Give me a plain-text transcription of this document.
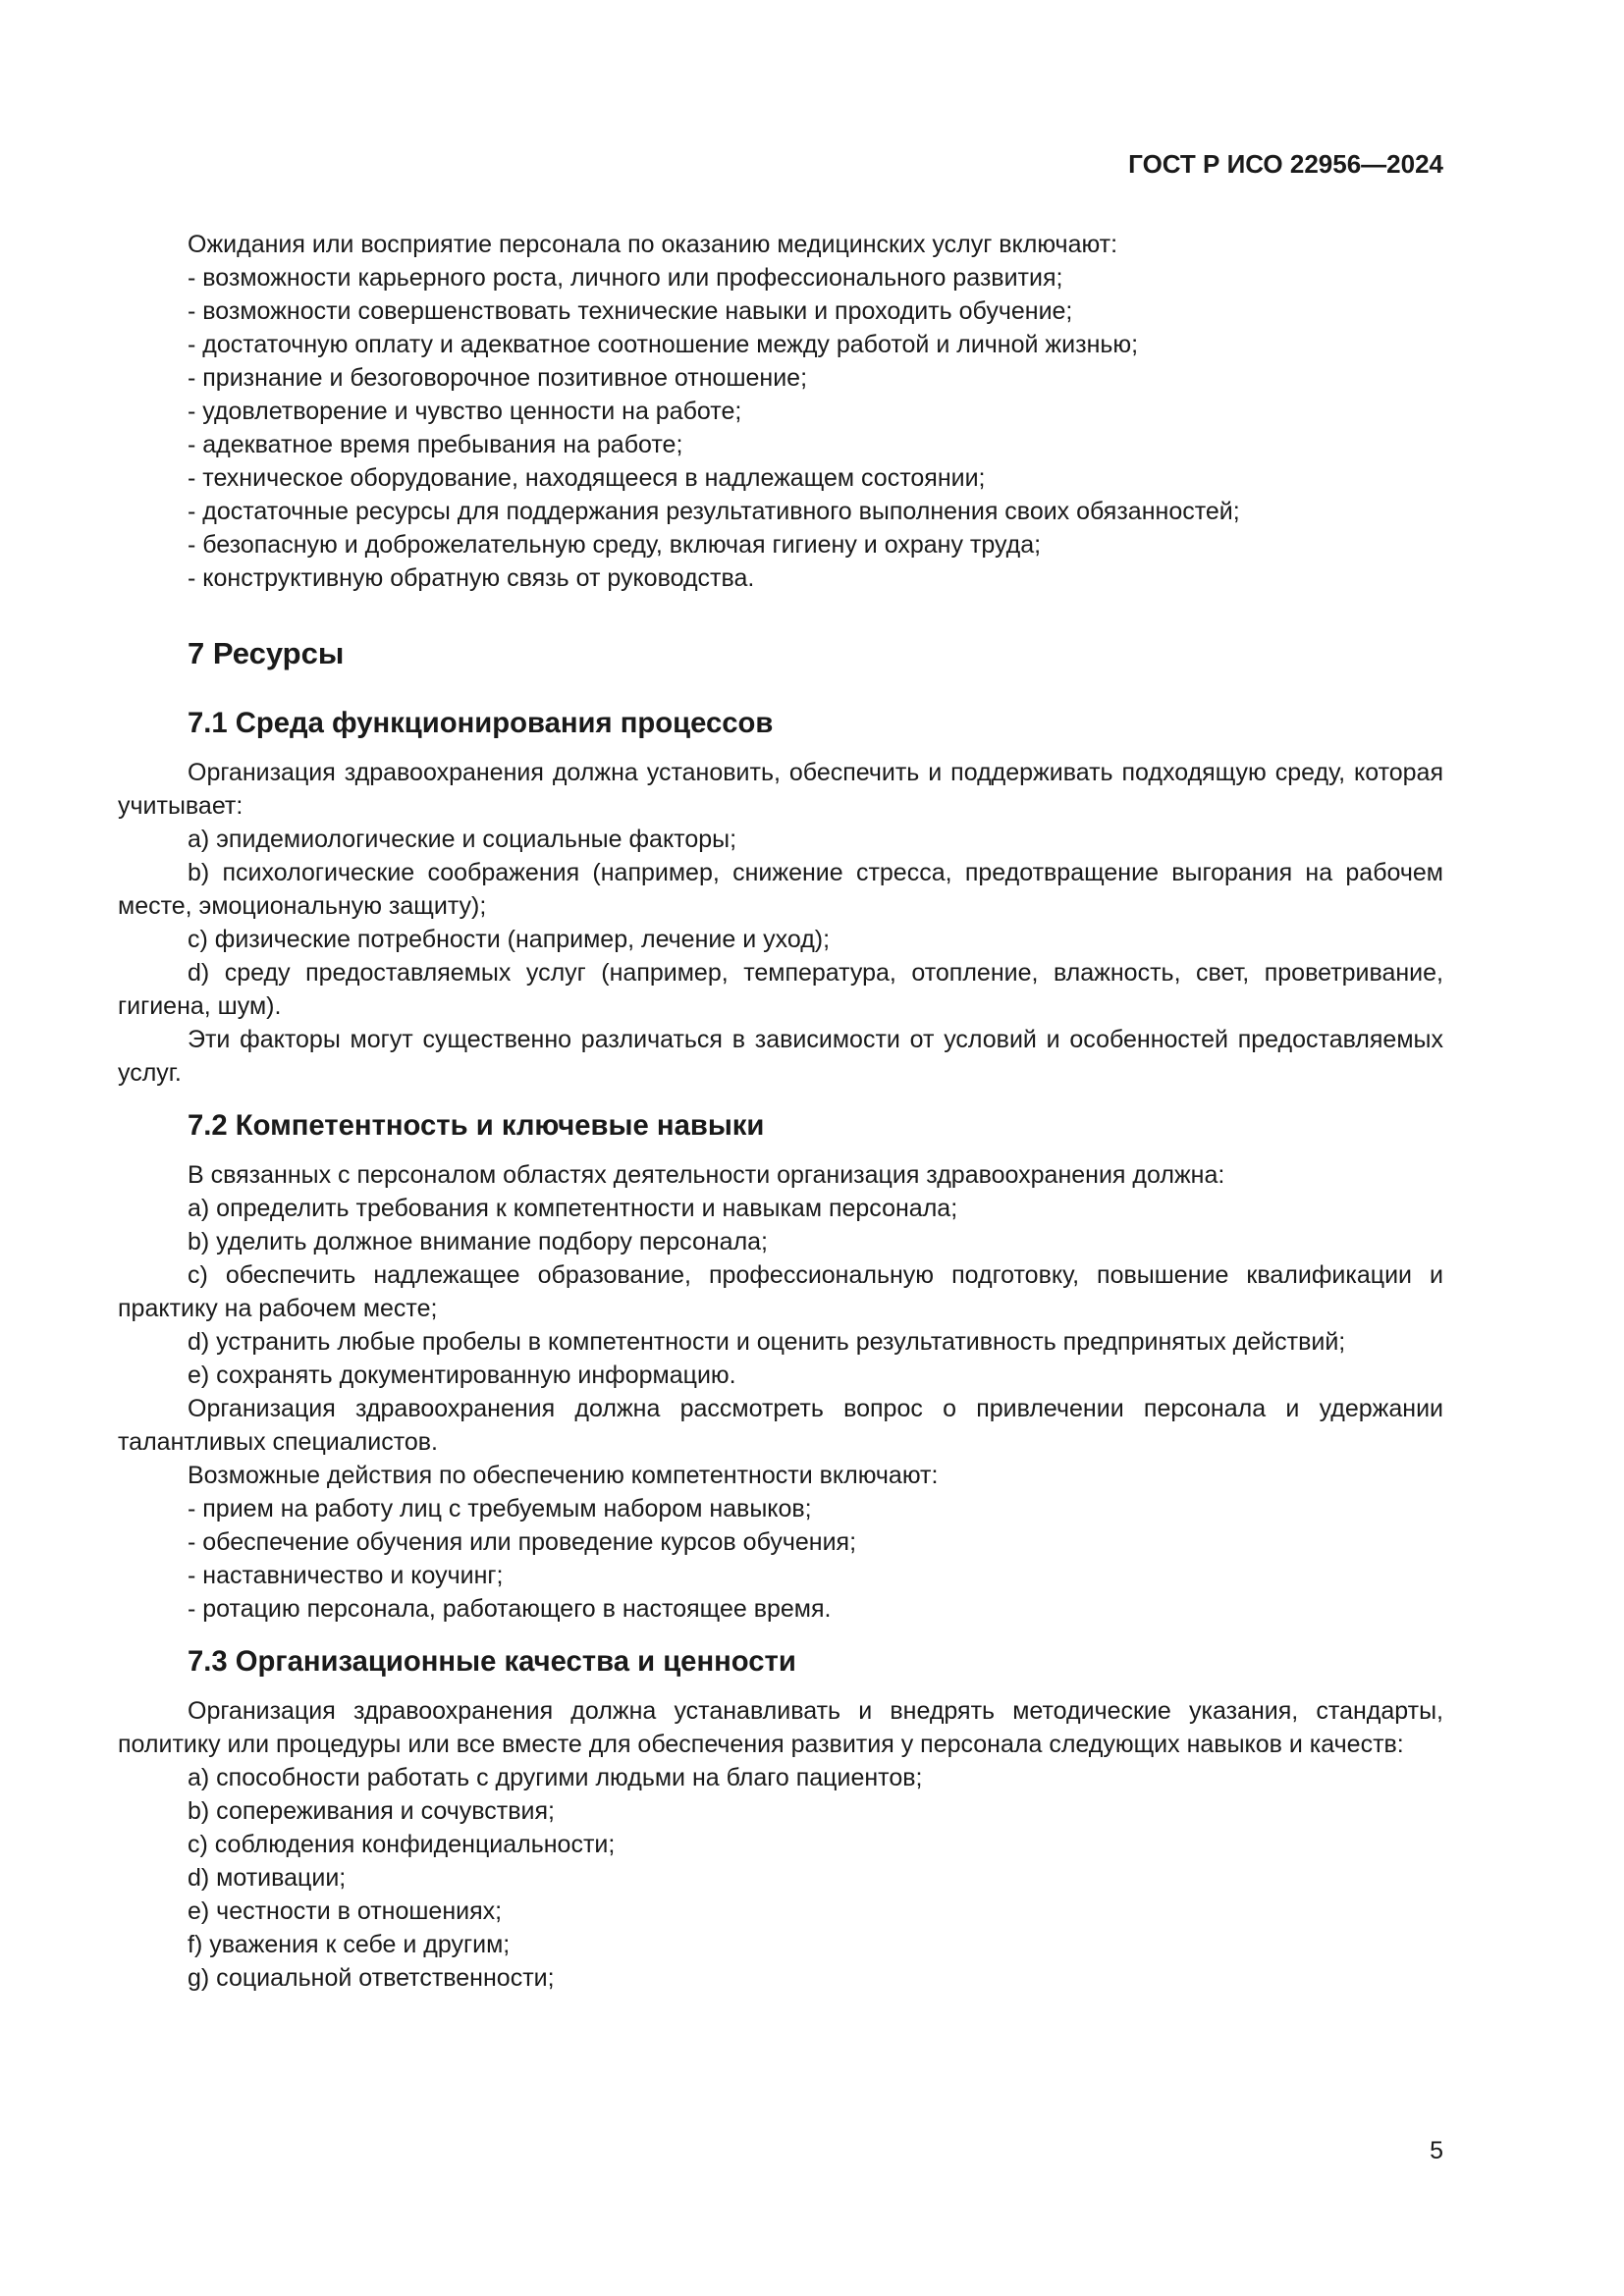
ГОСТ Р ИСО 22956—2024

Ожидания или восприятие персонала по оказанию медицинских услуг включают:

- возможности карьерного роста, личного или профессионального развития;

- возможности совершенствовать технические навыки и проходить обучение;

- достаточную оплату и адекватное соотношение между работой и личной жизнью;

- признание и безоговорочное позитивное отношение;

- удовлетворение и чувство ценности на работе;

- адекватное время пребывания на работе;

- техническое оборудование, находящееся в надлежащем состоянии;

- достаточные ресурсы для поддержания результативного выполнения своих обязанностей;

- безопасную и доброжелательную среду, включая гигиену и охрану труда;

- конструктивную обратную связь от руководства.

7 Ресурсы
7.1 Среда функционирования процессов

Организация здравоохранения должна установить, обеспечить и поддерживать подходящую среду, которая учитывает:

a) эпидемиологические и социальные факторы;

b) психологические соображения (например, снижение стресса, предотвращение выгорания на рабочем месте, эмоциональную защиту);

c) физические потребности (например, лечение и уход);

d) среду предоставляемых услуг (например, температура, отопление, влажность, свет, проветривание, гигиена, шум).

Эти факторы могут существенно различаться в зависимости от условий и особенностей предоставляемых услуг.

7.2 Компетентность и ключевые навыки

В связанных с персоналом областях деятельности организация здравоохранения должна:

a) определить требования к компетентности и навыкам персонала;

b) уделить должное внимание подбору персонала;

c) обеспечить надлежащее образование, профессиональную подготовку, повышение квалификации и практику на рабочем месте;

d) устранить любые пробелы в компетентности и оценить результативность предпринятых действий;

e) сохранять документированную информацию.

Организация здравоохранения должна рассмотреть вопрос о привлечении персонала и удержании талантливых специалистов.

Возможные действия по обеспечению компетентности включают:

- прием на работу лиц с требуемым набором навыков;

- обеспечение обучения или проведение курсов обучения;

- наставничество и коучинг;

- ротацию персонала, работающего в настоящее время.

7.3 Организационные качества и ценности

Организация здравоохранения должна устанавливать и внедрять методические указания, стандарты, политику или процедуры или все вместе для обеспечения развития у персонала следующих навыков и качеств:

a) способности работать с другими людьми на благо пациентов;

b) сопереживания и сочувствия;

c) соблюдения конфиденциальности;

d) мотивации;

e) честности в отношениях;

f) уважения к себе и другим;

g) социальной ответственности;

5
